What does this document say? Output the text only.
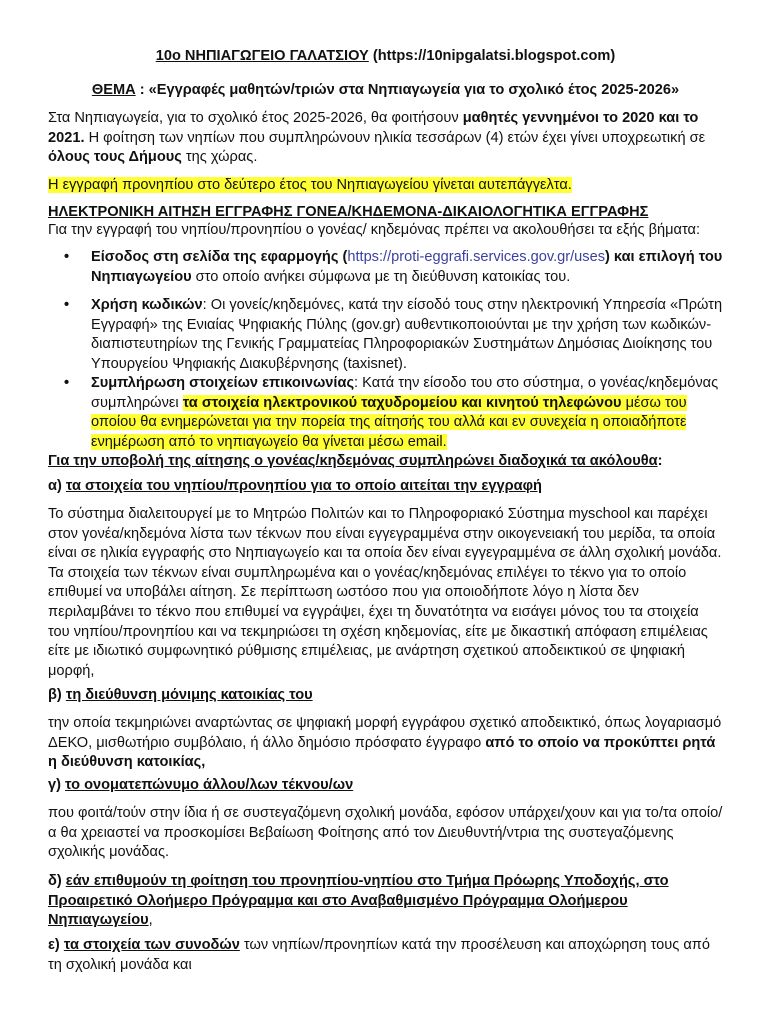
10ο ΝΗΠΙΑΓΩΓΕΙΟ ΓΑΛΑΤΣΙΟΥ (https://10nipgalatsi.blogspot.com)
ΘΕΜΑ : «Εγγραφές μαθητών/τριών στα Νηπιαγωγεία για το σχολικό έτος 2025-2026»
Στα Νηπιαγωγεία, για το σχολικό έτος 2025-2026, θα φοιτήσουν μαθητές γεννημένοι το 2020 και το 2021. Η φοίτηση των νηπίων που συμπληρώνουν ηλικία τεσσάρων (4) ετών έχει γίνει υποχρεωτική σε όλους τους Δήμους της χώρας.
Η εγγραφή προνηπίου στο δεύτερο έτος του Νηπιαγωγείου γίνεται αυτεπάγγελτα.
ΗΛΕΚΤΡΟΝΙΚΗ ΑΙΤΗΣΗ ΕΓΓΡΑΦΗΣ ΓΟΝΕΑ/ΚΗΔΕΜΟΝΑ-ΔΙΚΑΙΟΛΟΓΗΤΙΚΑ ΕΓΓΡΑΦΗΣ
Για την εγγραφή του νηπίου/προνηπίου ο γονέας/ κηδεμόνας πρέπει να ακολουθήσει τα εξής βήματα:
•	Είσοδος στη σελίδα της εφαρμογής (https://proti-eggrafi.services.gov.gr/uses) και επιλογή του Νηπιαγωγείου στο οποίο ανήκει σύμφωνα με τη διεύθυνση κατοικίας του.
•	Χρήση κωδικών: Οι γονείς/κηδεμόνες, κατά την είσοδό τους στην ηλεκτρονική Υπηρεσία «Πρώτη Εγγραφή» της Ενιαίας Ψηφιακής Πύλης (gov.gr) αυθεντικοποιούνται με την χρήση των κωδικών-διαπιστευτηρίων της Γενικής Γραμματείας Πληροφοριακών Συστημάτων Δημόσιας Διοίκησης του Υπουργείου Ψηφιακής Διακυβέρνησης (taxisnet).
•	Συμπλήρωση στοιχείων επικοινωνίας: Κατά την είσοδο του στο σύστημα, ο γονέας/κηδεμόνας συμπληρώνει τα στοιχεία ηλεκτρονικού ταχυδρομείου και κινητού τηλεφώνου μέσω του οποίου θα ενημερώνεται για την πορεία της αίτησής του αλλά και εν συνεχεία η οποιαδήποτε ενημέρωση από το νηπιαγωγείο θα γίνεται μέσω email.
Για την υποβολή της αίτησης ο γονέας/κηδεμόνας συμπληρώνει διαδοχικά τα ακόλουθα:
α) τα στοιχεία του νηπίου/προνηπίου για το οποίο αιτείται την εγγραφή
Το σύστημα διαλειτουργεί με το Μητρώο Πολιτών και το Πληροφοριακό Σύστημα myschool και παρέχει στον γονέα/κηδεμόνα λίστα των τέκνων που είναι εγγεγραμμένα στην οικογενειακή του μερίδα, τα οποία είναι σε ηλικία εγγραφής στο Νηπιαγωγείο και τα οποία δεν είναι εγγεγραμμένα σε άλλη σχολική μονάδα. Τα στοιχεία των τέκνων είναι συμπληρωμένα και ο γονέας/κηδεμόνας επιλέγει το τέκνο για το οποίο επιθυμεί να υποβάλει αίτηση. Σε περίπτωση ωστόσο που για οποιοδήποτε λόγο η λίστα δεν περιλαμβάνει το τέκνο που επιθυμεί να εγγράψει, έχει τη δυνατότητα να εισάγει μόνος του τα στοιχεία του νηπίου/προνηπίου και να τεκμηριώσει τη σχέση κηδεμονίας, είτε με δικαστική απόφαση επιμέλειας είτε με ιδιωτικό συμφωνητικό ρύθμισης επιμέλειας, με ανάρτηση σχετικού αποδεικτικού σε ψηφιακή μορφή,
β) τη διεύθυνση μόνιμης κατοικίας του
την οποία τεκμηριώνει αναρτώντας σε ψηφιακή μορφή εγγράφου σχετικό αποδεικτικό, όπως λογαριασμό ΔΕΚΟ, μισθωτήριο συμβόλαιο, ή άλλο δημόσιο πρόσφατο έγγραφο από το οποίο να προκύπτει ρητά η διεύθυνση κατοικίας,
γ) το ονοματεπώνυμο άλλου/λων τέκνου/ων
που φοιτά/τούν στην ίδια ή σε συστεγαζόμενη σχολική μονάδα, εφόσον υπάρχει/χουν και για το/τα οποίο/α θα χρειαστεί να προσκομίσει Βεβαίωση Φοίτησης από τον Διευθυντή/ντρια της συστεγαζόμενης σχολικής μονάδας.
δ) εάν επιθυμούν τη φοίτηση του προνηπίου-νηπίου στο Τμήμα Πρόωρης Υποδοχής, στο Προαιρετικό Ολοήμερο Πρόγραμμα και στο Αναβαθμισμένο Πρόγραμμα Ολοήμερου Νηπιαγωγείου,
ε) τα στοιχεία των συνοδών των νηπίων/προνηπίων κατά την προσέλευση και αποχώρηση τους από τη σχολική μονάδα και
